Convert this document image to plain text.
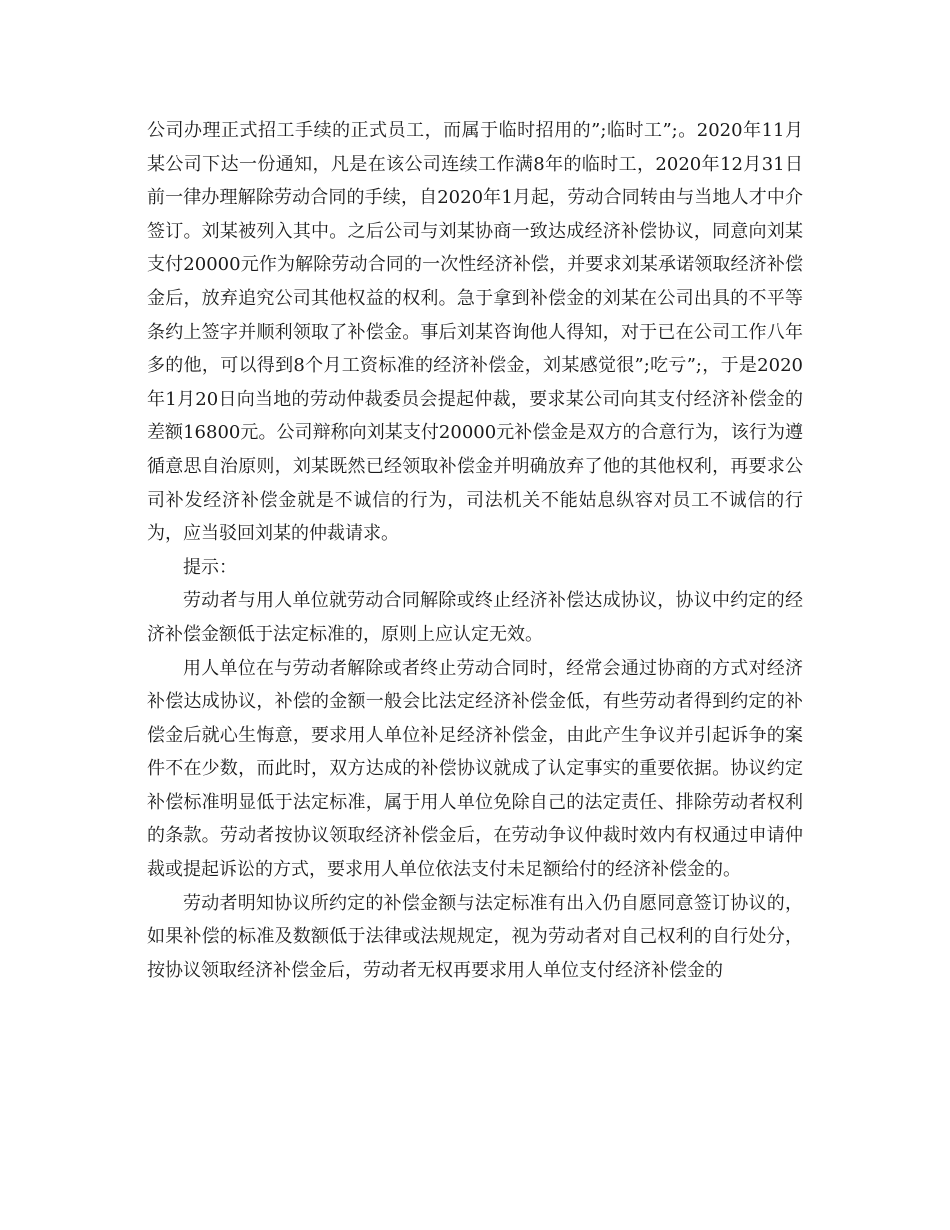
公司办理正式招工手续的正式员工，而属于临时招用的”;临时工”;。2020年11月某公司下达一份通知，凡是在该公司连续工作满8年的临时工，2020年12月31日前一律办理解除劳动合同的手续，自2020年1月起，劳动合同转由与当地人才中介签订。刘某被列入其中。之后公司与刘某协商一致达成经济补偿协议，同意向刘某支付20000元作为解除劳动合同的一次性经济补偿，并要求刘某承诺领取经济补偿金后，放弃追究公司其他权益的权利。急于拿到补偿金的刘某在公司出具的不平等条约上签字并顺利领取了补偿金。事后刘某咨询他人得知，对于已在公司工作八年多的他，可以得到8个月工资标准的经济补偿金，刘某感觉很”;吃亏”;，于是2020年1月20日向当地的劳动仲裁委员会提起仲裁，要求某公司向其支付经济补偿金的差额16800元。公司辩称向刘某支付20000元补偿金是双方的合意行为，该行为遵循意思自治原则，刘某既然已经领取补偿金并明确放弃了他的其他权利，再要求公司补发经济补偿金就是不诚信的行为，司法机关不能姑息纵容对员工不诚信的行为，应当驳回刘某的仲裁请求。

提示：

劳动者与用人单位就劳动合同解除或终止经济补偿达成协议，协议中约定的经济补偿金额低于法定标准的，原则上应认定无效。

用人单位在与劳动者解除或者终止劳动合同时，经常会通过协商的方式对经济补偿达成协议，补偿的金额一般会比法定经济补偿金低，有些劳动者得到约定的补偿金后就心生悔意，要求用人单位补足经济补偿金，由此产生争议并引起诉争的案件不在少数，而此时，双方达成的补偿协议就成了认定事实的重要依据。协议约定补偿标准明显低于法定标准，属于用人单位免除自己的法定责任、排除劳动者权利的条款。劳动者按协议领取经济补偿金后，在劳动争议仲裁时效内有权通过申请仲裁或提起诉讼的方式，要求用人单位依法支付未足额给付的经济补偿金的。

劳动者明知协议所约定的补偿金额与法定标准有出入仍自愿同意签订协议的，如果补偿的标准及数额低于法律或法规规定，视为劳动者对自己权利的自行处分，按协议领取经济补偿金后，劳动者无权再要求用人单位支付经济补偿金的
